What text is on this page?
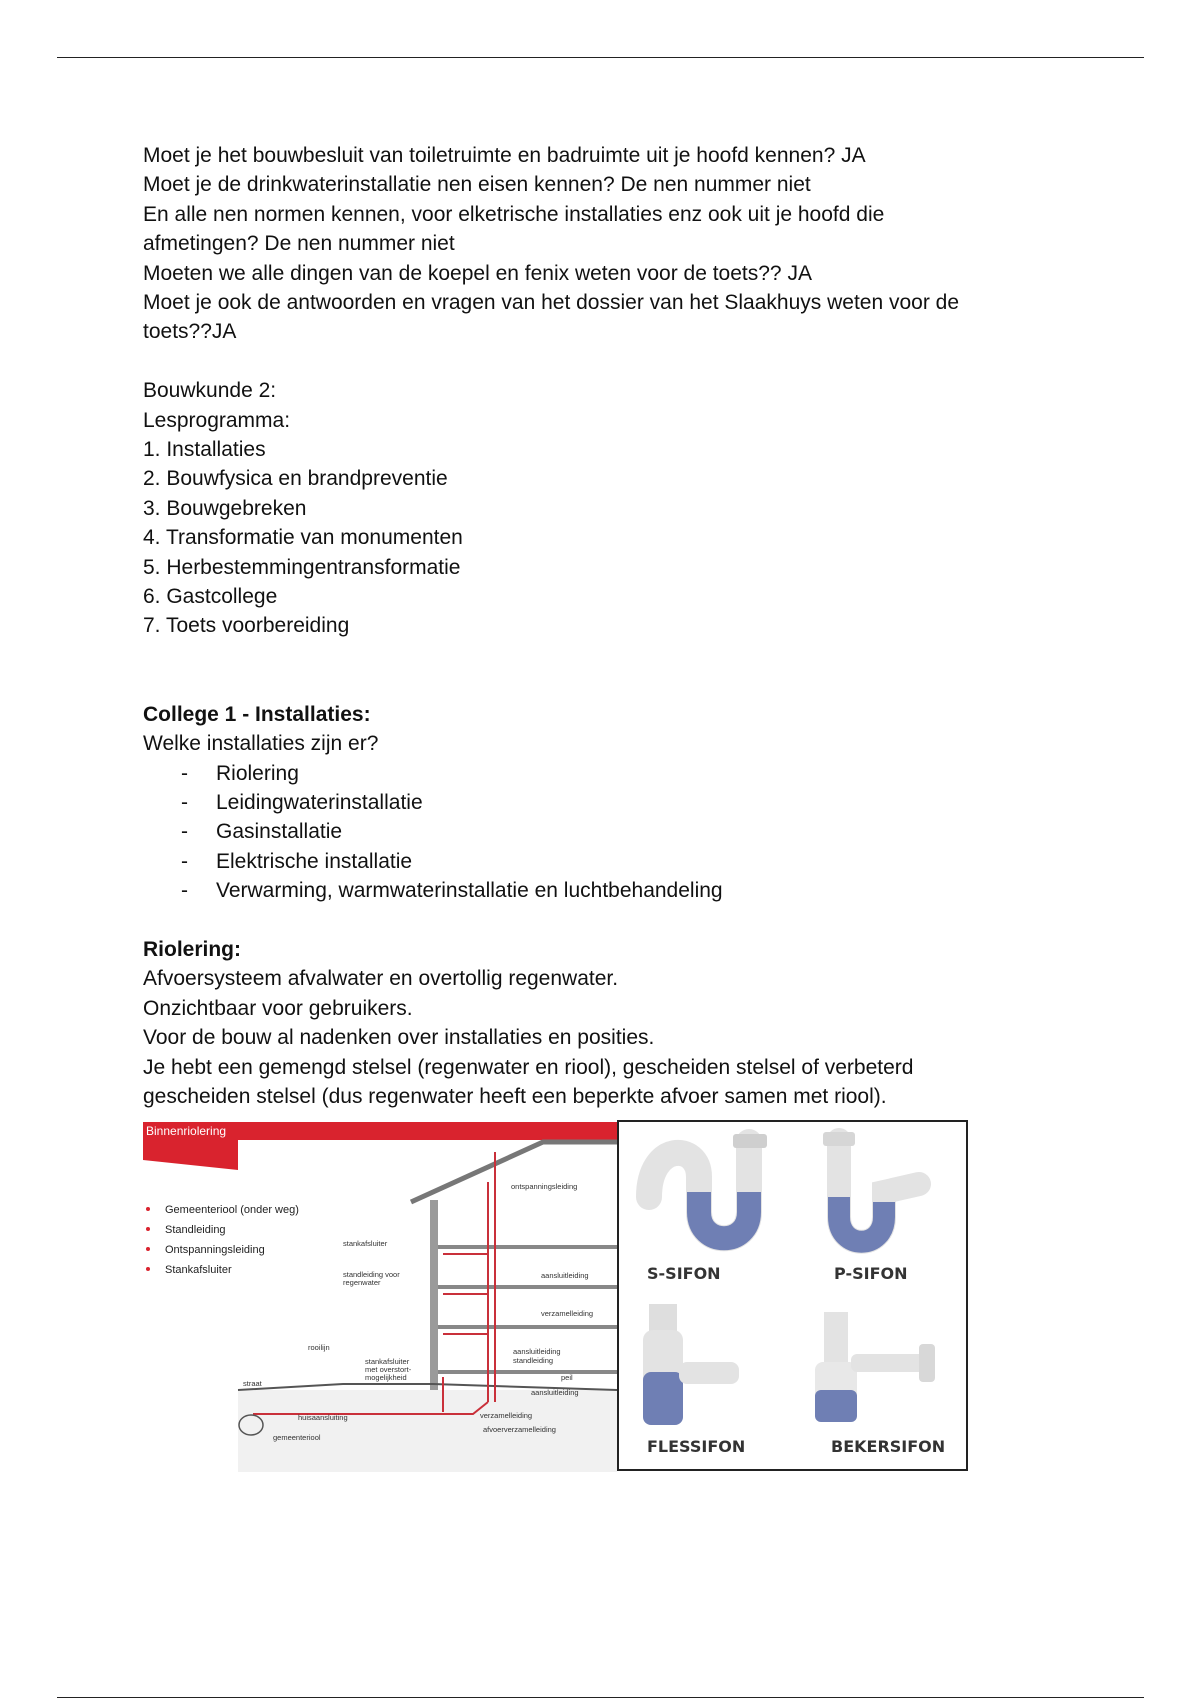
Moet je het bouwbesluit van toiletruimte en badruimte uit je hoofd kennen? JA

Moet je de drinkwaterinstallatie nen eisen kennen? De nen nummer niet

En alle nen normen kennen, voor elketrische installaties enz ook uit je hoofd die

afmetingen? De nen nummer niet

Moeten we alle dingen van de koepel en fenix weten voor de toets?? JA

Moet je ook de antwoorden en vragen van het dossier van het Slaakhuys weten voor de

toets??JA

Bouwkunde 2:

Lesprogramma:

1. Installaties

2. Bouwfysica en brandpreventie

3. Bouwgebreken

4. Transformatie van monumenten

5. Herbestemmingentransformatie

6. Gastcollege

7. Toets voorbereiding

College 1 - Installaties:

Welke installaties zijn er?

- Riolering
- Leidingwaterinstallatie
- Gasinstallatie
- Elektrische installatie
- Verwarming, warmwaterinstallatie en luchtbehandeling

Riolering:

Afvoersysteem afvalwater en overtollig regenwater.

Onzichtbaar voor gebruikers.

Voor de bouw al nadenken over installaties en posities.

Je hebt een gemengd stelsel (regenwater en riool), gescheiden stelsel of verbeterd

gescheiden stelsel (dus regenwater heeft een beperkte afvoer samen met riool).

Binnenriolering
Gemeenteriool (onder weg)
Standleiding
Ontspanningsleiding
Stankafsluiter
ontspanningsleiding
stankafsluiter
standleiding voor
regenwater
aansluitleiding
verzamelleiding
rooilijn
stankafsluiter
met overstort-
mogelijkheid
aansluitleiding
standleiding
peil
aansluitleiding
straat
huisaansluiting
gemeenteriool
verzamelleiding
afvoerverzamelleiding
S-SIFON	P-SIFON
FLESSIFON	BEKERSIFON
